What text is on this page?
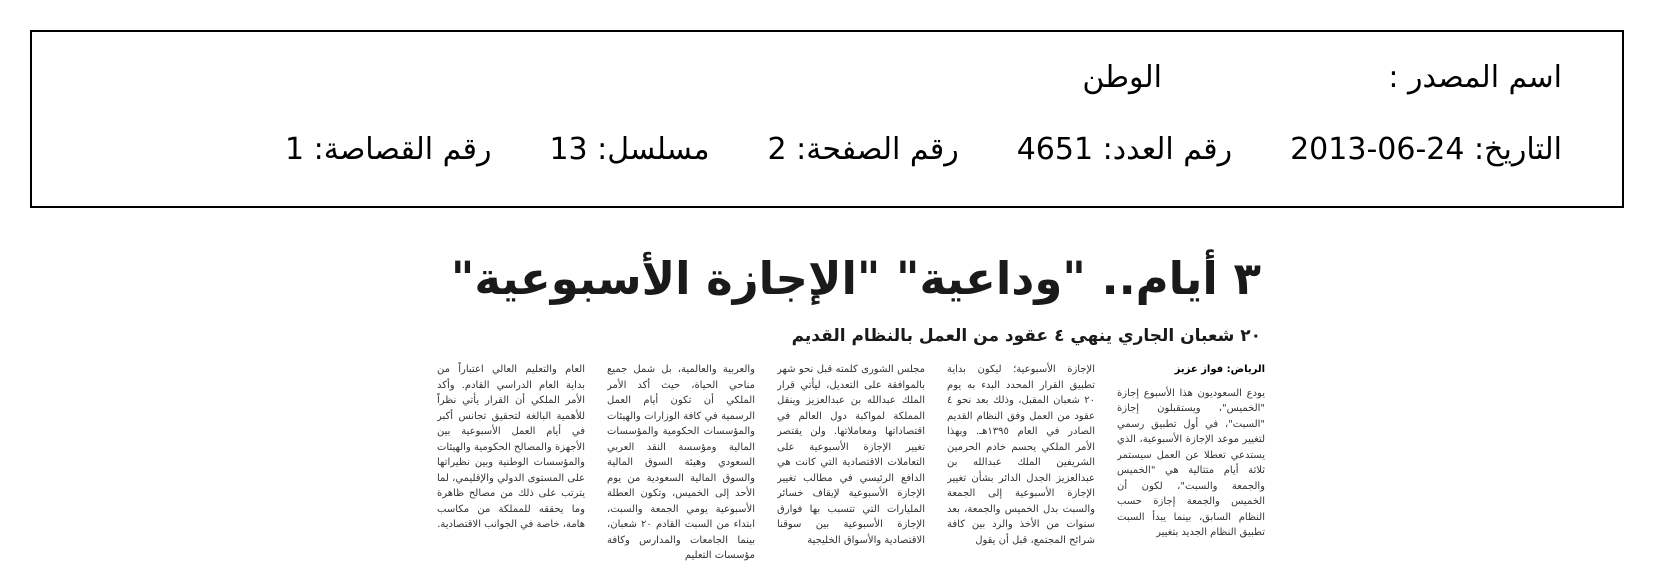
اسم المصدر :
الوطن
التاريخ: 24-06-2013
رقم العدد: 4651
رقم الصفحة: 2
مسلسل: 13
رقم القصاصة: 1
٣ أيام.. "وداعية" "الإجازة الأسبوعية"
٢٠ شعبان الجاري ينهي ٤ عقود من العمل بالنظام القديم
الرياض: فواز عزيز
يودع السعوديون هذا الأسبوع إجازة "الخميس"، ويستقبلون إجازة "السبت"، في أول تطبيق رسمي لتغيير موعد الإجازة الأسبوعية، الذي يستدعي تعطلا عن العمل سيستمر ثلاثة أيام متتالية هي "الخميس والجمعة والسبت"، لكون أن الخميس والجمعة إجازة حسب النظام السابق، بينما يبدأ السبت تطبيق النظام الجديد بتغيير
الإجازة الأسبوعية؛ ليكون بداية تطبيق القرار المحدد البدء به يوم ٢٠ شعبان المقبل، وذلك بعد نحو ٤ عقود من العمل وفق النظام القديم الصادر في العام ١٣٩٥هـ. وبهذا الأمر الملكي يحسم خادم الحرمين الشريفين الملك عبدالله بن عبدالعزيز الجدل الدائر بشأن تغيير الإجازة الأسبوعية إلى الجمعة والسبت بدل الخميس والجمعة، بعد سنوات من الأخذ والرد بين كافة شرائح المجتمع، قبل أن يقول
مجلس الشورى كلمته قبل نحو شهر بالموافقة على التعديل، ليأتي قرار الملك عبدالله بن عبدالعزيز وينقل المملكة لمواكبة دول العالم في اقتصاداتها ومعاملاتها. ولن يقتصر تغيير الإجازة الأسبوعية على التعاملات الاقتصادية التي كانت هي الدافع الرئيسي في مطالب تغيير الإجازة الأسبوعية لإيقاف خسائر المليارات التي تتسبب بها فوارق الإجازة الأسبوعية بين سوقنا الاقتصادية والأسواق الخليجية
والعربية والعالمية، بل شمل جميع مناحي الحياة، حيث أكد الأمر الملكي أن تكون أيام العمل الرسمية في كافة الوزارات والهيئات والمؤسسات الحكومية والمؤسسات المالية ومؤسسة النقد العربي السعودي وهيئة السوق المالية والسوق المالية السعودية من يوم الأحد إلى الخميس، وتكون العطلة الأسبوعية يومي الجمعة والسبت، ابتداء من السبت القادم ٢٠ شعبان، بينما الجامعات والمدارس وكافة مؤسسات التعليم
العام والتعليم العالي اعتباراً من بداية العام الدراسي القادم. وأكد الأمر الملكي أن القرار يأتي نظراً للأهمية البالغة لتحقيق تجانس أكبر في أيام العمل الأسبوعية بين الأجهزة والمصالح الحكومية والهيئات والمؤسسات الوطنية وبين نظيراتها على المستوى الدولي والإقليمي، لما يترتب على ذلك من مصالح ظاهرة وما يحققه للمملكة من مكاسب هامة، خاصة في الجوانب الاقتصادية.
